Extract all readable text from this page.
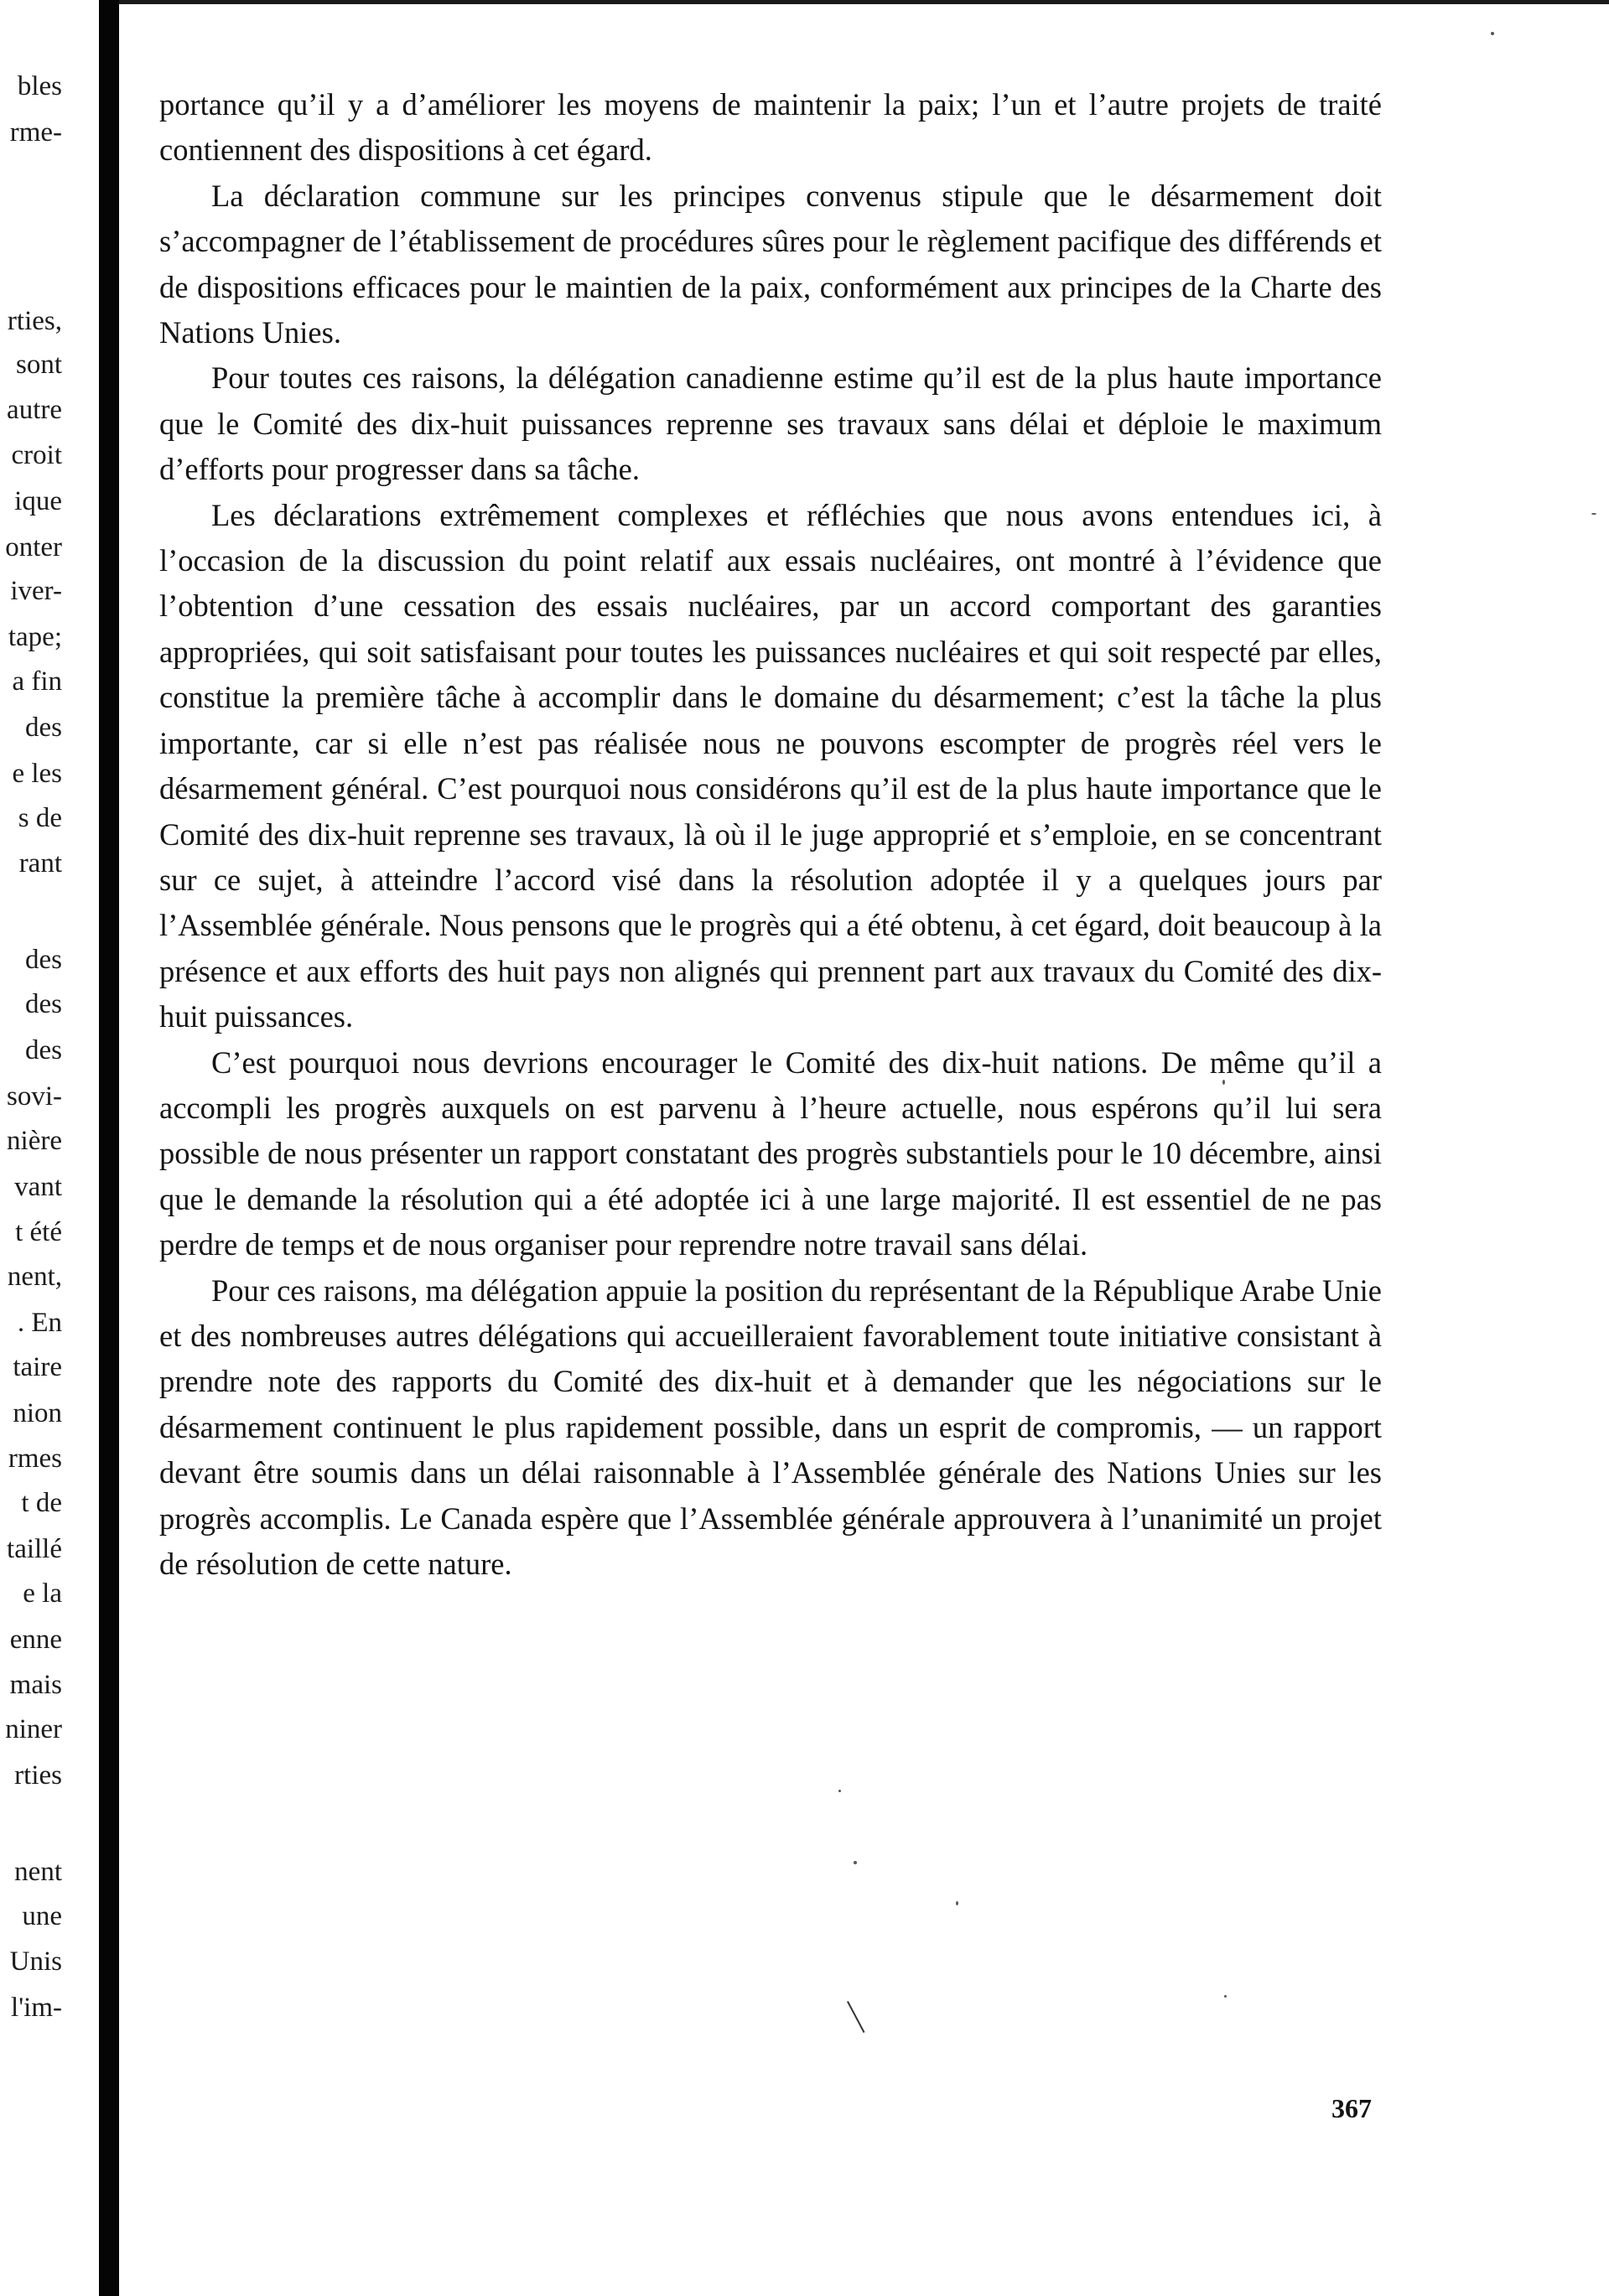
bles
rme-
rties,
sont
autre
croit
ique
onter
iver-
tape;
a fin
des
e les
s de
rant
des
des
des
sovi-
nière
vant
t été
nent,
. En
taire
nion
rmes
t de
taillé
e la
enne
mais
niner
rties
nent
une
Unis
l'im-

portance qu’il y a d’améliorer les moyens de maintenir la paix; l’un et l’autre projets de traité contiennent des dispositions à cet égard.

La déclaration commune sur les principes convenus stipule que le désarmement doit s’accompagner de l’établissement de procédures sûres pour le règlement pacifique des différends et de dispositions efficaces pour le maintien de la paix, conformément aux principes de la Charte des Nations Unies.

Pour toutes ces raisons, la délégation canadienne estime qu’il est de la plus haute importance que le Comité des dix-huit puissances reprenne ses travaux sans délai et déploie le maximum d’efforts pour progresser dans sa tâche.

Les déclarations extrêmement complexes et réfléchies que nous avons entendues ici, à l’occasion de la discussion du point relatif aux essais nucléaires, ont montré à l’évidence que l’obtention d’une cessation des essais nucléaires, par un accord comportant des garanties appropriées, qui soit satisfaisant pour toutes les puissances nucléaires et qui soit respecté par elles, constitue la première tâche à accomplir dans le domaine du désarmement; c’est la tâche la plus importante, car si elle n’est pas réalisée nous ne pouvons escompter de progrès réel vers le désarmement général. C’est pourquoi nous considérons qu’il est de la plus haute importance que le Comité des dix-huit reprenne ses travaux, là où il le juge approprié et s’emploie, en se concentrant sur ce sujet, à atteindre l’accord visé dans la résolution adoptée il y a quelques jours par l’Assemblée générale. Nous pensons que le progrès qui a été obtenu, à cet égard, doit beaucoup à la présence et aux efforts des huit pays non alignés qui prennent part aux travaux du Comité des dix-huit puissances.

C’est pourquoi nous devrions encourager le Comité des dix-huit nations. De même qu’il a accompli les progrès auxquels on est parvenu à l’heure actuelle, nous espérons qu’il lui sera possible de nous présenter un rapport constatant des progrès substantiels pour le 10 décembre, ainsi que le demande la résolution qui a été adoptée ici à une large majorité. Il est essentiel de ne pas perdre de temps et de nous organiser pour reprendre notre travail sans délai.

Pour ces raisons, ma délégation appuie la position du représentant de la République Arabe Unie et des nombreuses autres délégations qui accueilleraient favorablement toute initiative consistant à prendre note des rapports du Comité des dix-huit et à demander que les négociations sur le désarmement continuent le plus rapidement possible, dans un esprit de compromis, — un rapport devant être soumis dans un délai raisonnable à l’Assemblée générale des Nations Unies sur les progrès accomplis. Le Canada espère que l’Assemblée générale approuvera à l’unanimité un projet de résolution de cette nature.

367
